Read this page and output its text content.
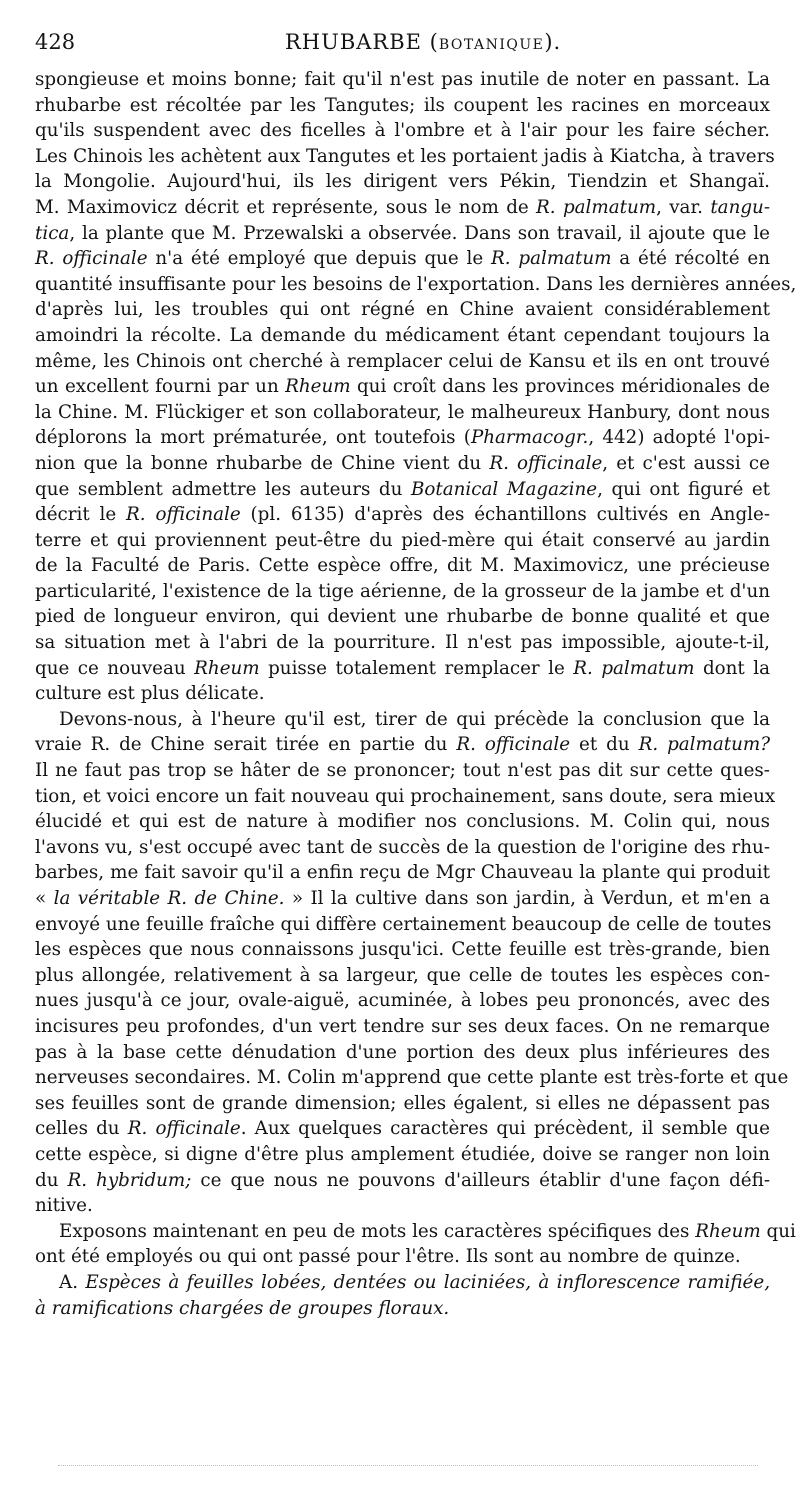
428	RHUBARBE (BOTANIQUE).
spongieuse et moins bonne; fait qu'il n'est pas inutile de noter en passant. La
rhubarbe est récoltée par les Tangutes; ils coupent les racines en morceaux
qu'ils suspendent avec des ficelles à l'ombre et à l'air pour les faire sécher.
Les Chinois les achètent aux Tangutes et les portaient jadis à Kiatcha, à travers
la Mongolie. Aujourd'hui, ils les dirigent vers Pékin, Tiendzin et Shangaï.
M. Maximovicz décrit et représente, sous le nom de R. palmatum, var. tangu-
tica, la plante que M. Przewalski a observée. Dans son travail, il ajoute que le
R. officinale n'a été employé que depuis que le R. palmatum a été récolté en
quantité insuffisante pour les besoins de l'exportation. Dans les dernières années,
d'après lui, les troubles qui ont régné en Chine avaient considérablement
amoindri la récolte. La demande du médicament étant cependant toujours la
même, les Chinois ont cherché à remplacer celui de Kansu et ils en ont trouvé
un excellent fourni par un Rheum qui croît dans les provinces méridionales de
la Chine. M. Flückiger et son collaborateur, le malheureux Hanbury, dont nous
déplorons la mort prématurée, ont toutefois (Pharmacogr., 442) adopté l'opi-
nion que la bonne rhubarbe de Chine vient du R. officinale, et c'est aussi ce
que semblent admettre les auteurs du Botanical Magazine, qui ont figuré et
décrit le R. officinale (pl. 6135) d'après des échantillons cultivés en Angle-
terre et qui proviennent peut-être du pied-mère qui était conservé au jardin
de la Faculté de Paris. Cette espèce offre, dit M. Maximovicz, une précieuse
particularité, l'existence de la tige aérienne, de la grosseur de la jambe et d'un
pied de longueur environ, qui devient une rhubarbe de bonne qualité et que
sa situation met à l'abri de la pourriture. Il n'est pas impossible, ajoute-t-il,
que ce nouveau Rheum puisse totalement remplacer le R. palmatum dont la
culture est plus délicate.
Devons-nous, à l'heure qu'il est, tirer de qui précède la conclusion que la
vraie R. de Chine serait tirée en partie du R. officinale et du R. palmatum?
Il ne faut pas trop se hâter de se prononcer; tout n'est pas dit sur cette ques-
tion, et voici encore un fait nouveau qui prochainement, sans doute, sera mieux
élucidé et qui est de nature à modifier nos conclusions. M. Colin qui, nous
l'avons vu, s'est occupé avec tant de succès de la question de l'origine des rhu-
barbes, me fait savoir qu'il a enfin reçu de Mgr Chauveau la plante qui produit
« la véritable R. de Chine. » Il la cultive dans son jardin, à Verdun, et m'en a
envoyé une feuille fraîche qui diffère certainement beaucoup de celle de toutes
les espèces que nous connaissons jusqu'ici. Cette feuille est très-grande, bien
plus allongée, relativement à sa largeur, que celle de toutes les espèces con-
nues jusqu'à ce jour, ovale-aiguë, acuminée, à lobes peu prononcés, avec des
incisures peu profondes, d'un vert tendre sur ses deux faces. On ne remarque
pas à la base cette dénudation d'une portion des deux plus inférieures des
nerveuses secondaires. M. Colin m'apprend que cette plante est très-forte et que
ses feuilles sont de grande dimension; elles égalent, si elles ne dépassent pas
celles du R. officinale. Aux quelques caractères qui précèdent, il semble que
cette espèce, si digne d'être plus amplement étudiée, doive se ranger non loin
du R. hybridum; ce que nous ne pouvons d'ailleurs établir d'une façon défi-
nitive.
Exposons maintenant en peu de mots les caractères spécifiques des Rheum qui
ont été employés ou qui ont passé pour l'être. Ils sont au nombre de quinze.
A. Espèces à feuilles lobées, dentées ou laciniées, à inflorescence ramifiée,
à ramifications chargées de groupes floraux.
